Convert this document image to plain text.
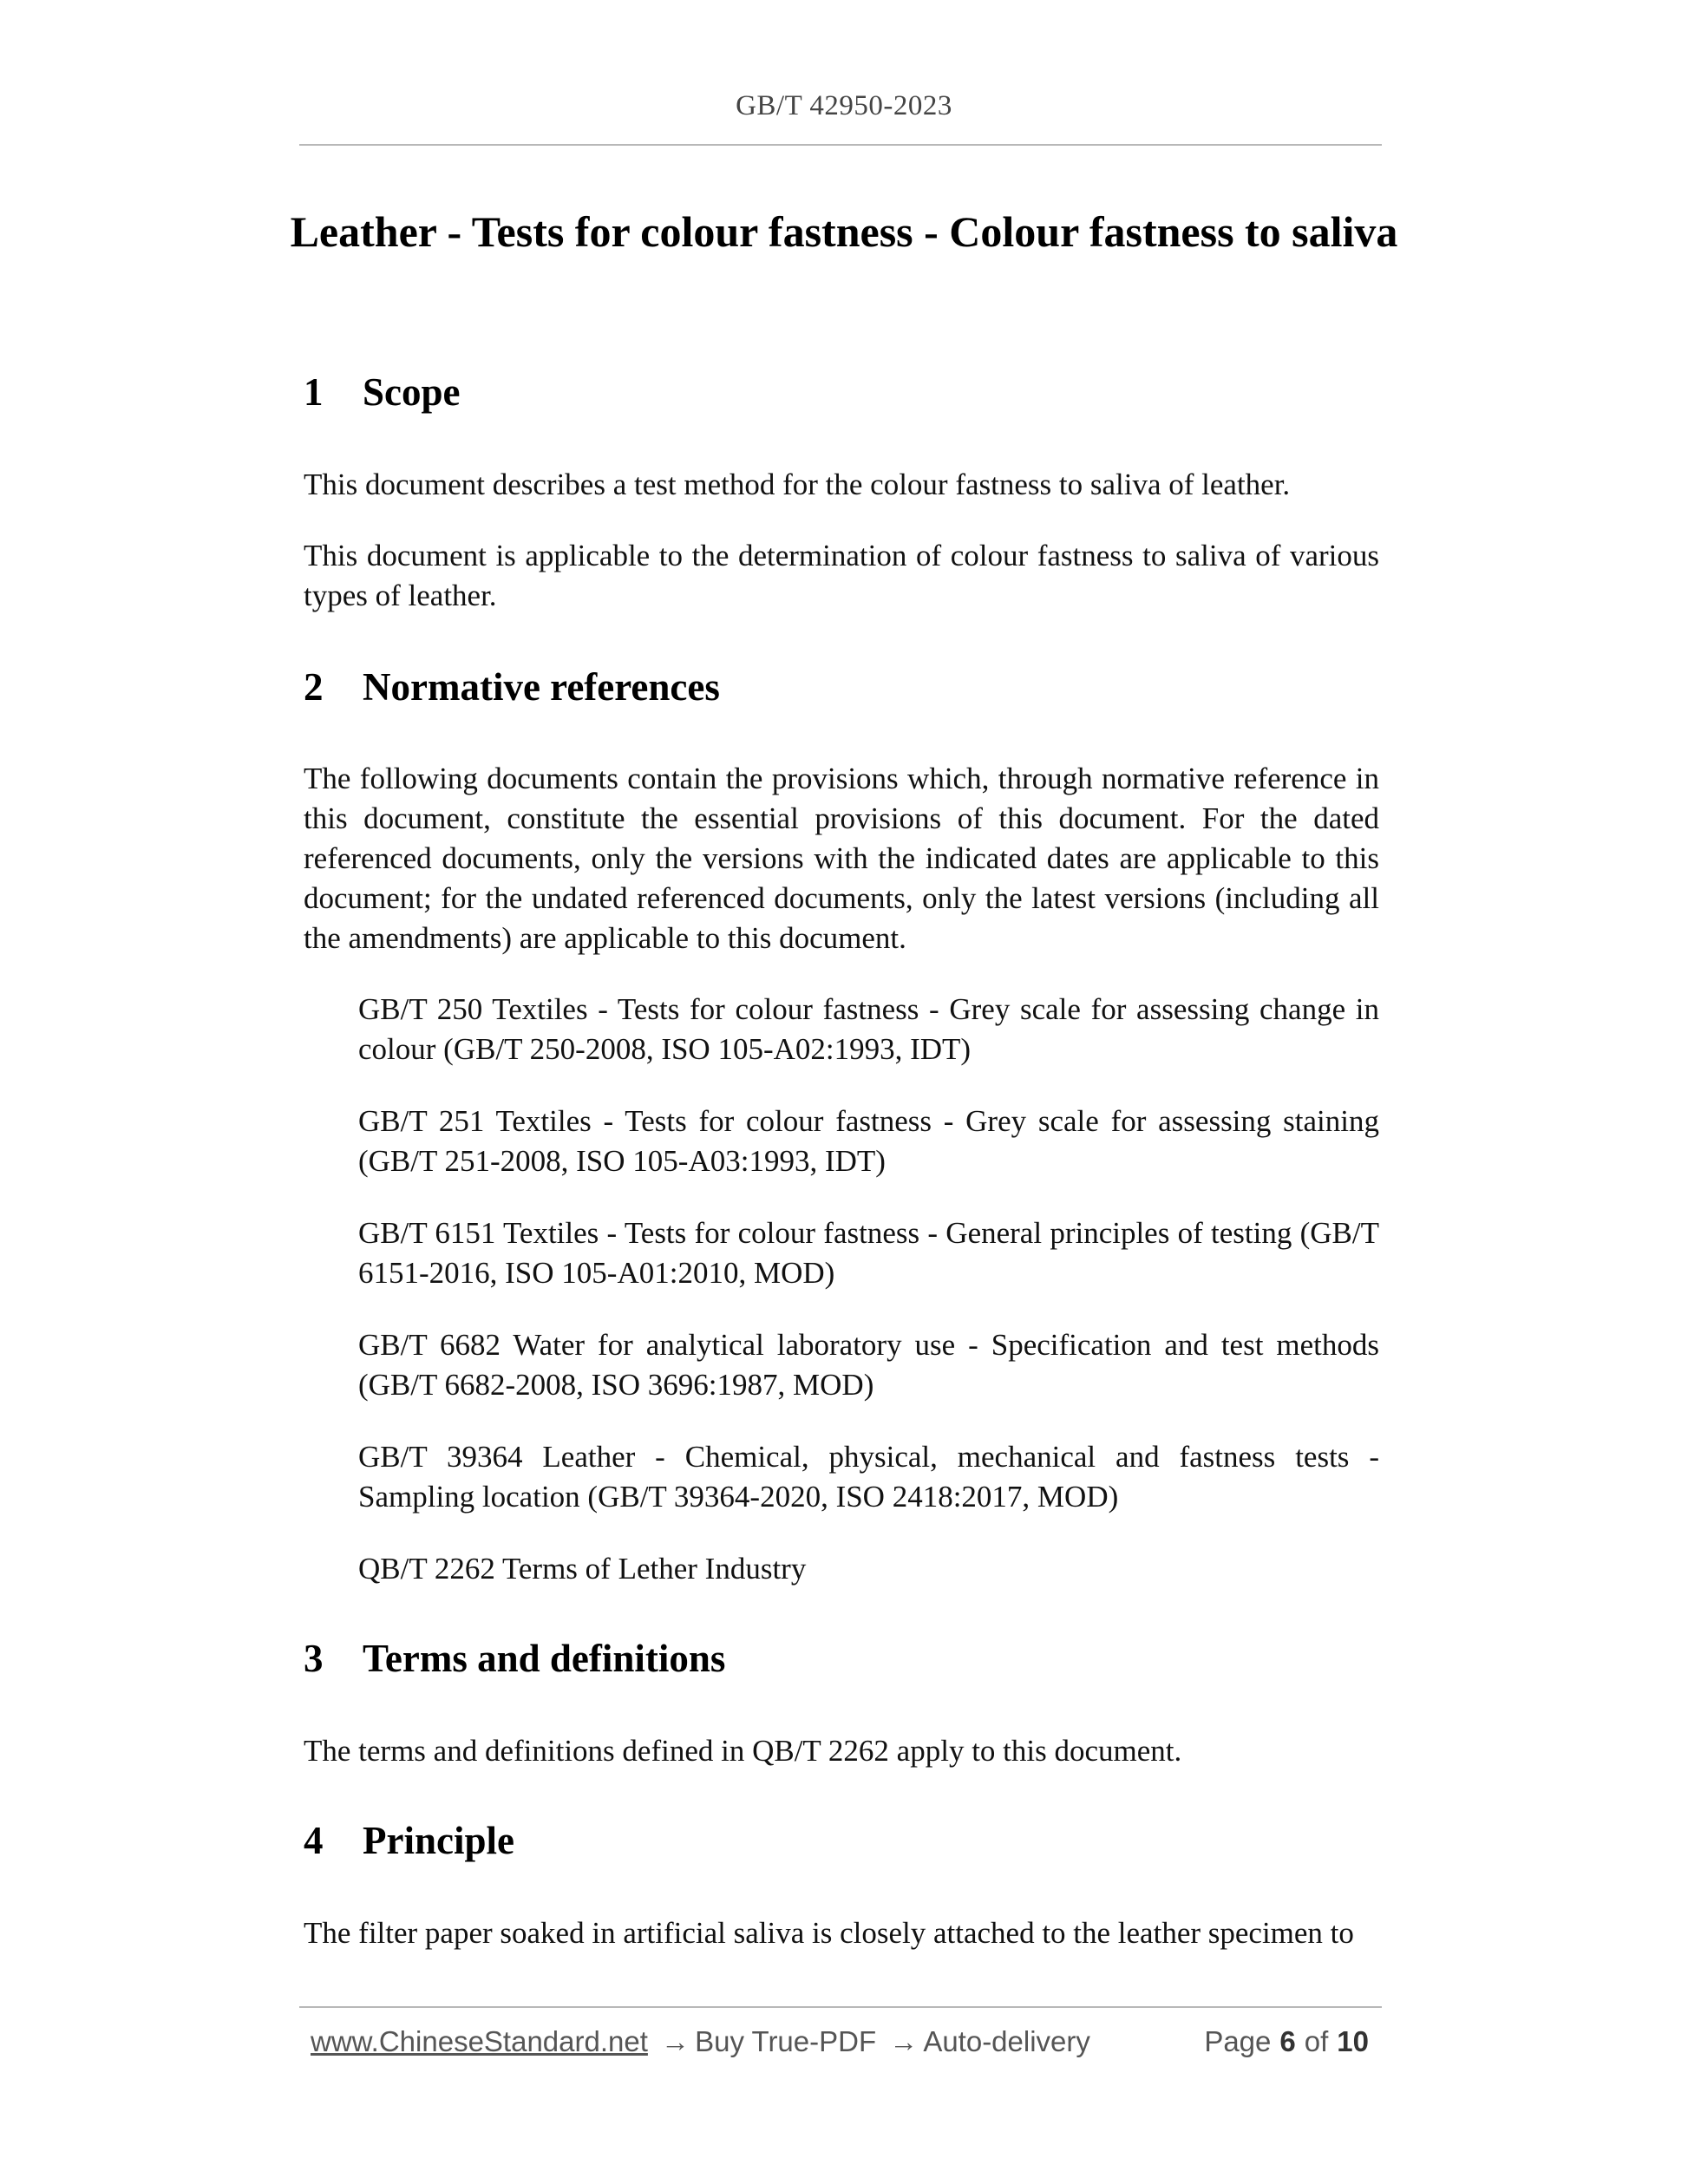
GB/T 42950-2023
Leather - Tests for colour fastness - Colour fastness to saliva
1 Scope
This document describes a test method for the colour fastness to saliva of leather.
This document is applicable to the determination of colour fastness to saliva of various types of leather.
2 Normative references
The following documents contain the provisions which, through normative reference in this document, constitute the essential provisions of this document. For the dated referenced documents, only the versions with the indicated dates are applicable to this document; for the undated referenced documents, only the latest versions (including all the amendments) are applicable to this document.
GB/T 250 Textiles - Tests for colour fastness - Grey scale for assessing change in colour (GB/T 250-2008, ISO 105-A02:1993, IDT)
GB/T 251 Textiles - Tests for colour fastness - Grey scale for assessing staining (GB/T 251-2008, ISO 105-A03:1993, IDT)
GB/T 6151 Textiles - Tests for colour fastness - General principles of testing (GB/T 6151-2016, ISO 105-A01:2010, MOD)
GB/T 6682 Water for analytical laboratory use - Specification and test methods (GB/T 6682-2008, ISO 3696:1987, MOD)
GB/T 39364 Leather - Chemical, physical, mechanical and fastness tests - Sampling location (GB/T 39364-2020, ISO 2418:2017, MOD)
QB/T 2262 Terms of Lether Industry
3 Terms and definitions
The terms and definitions defined in QB/T 2262 apply to this document.
4 Principle
The filter paper soaked in artificial saliva is closely attached to the leather specimen to
www.ChineseStandard.net → Buy True-PDF → Auto-delivery	Page 6 of 10
